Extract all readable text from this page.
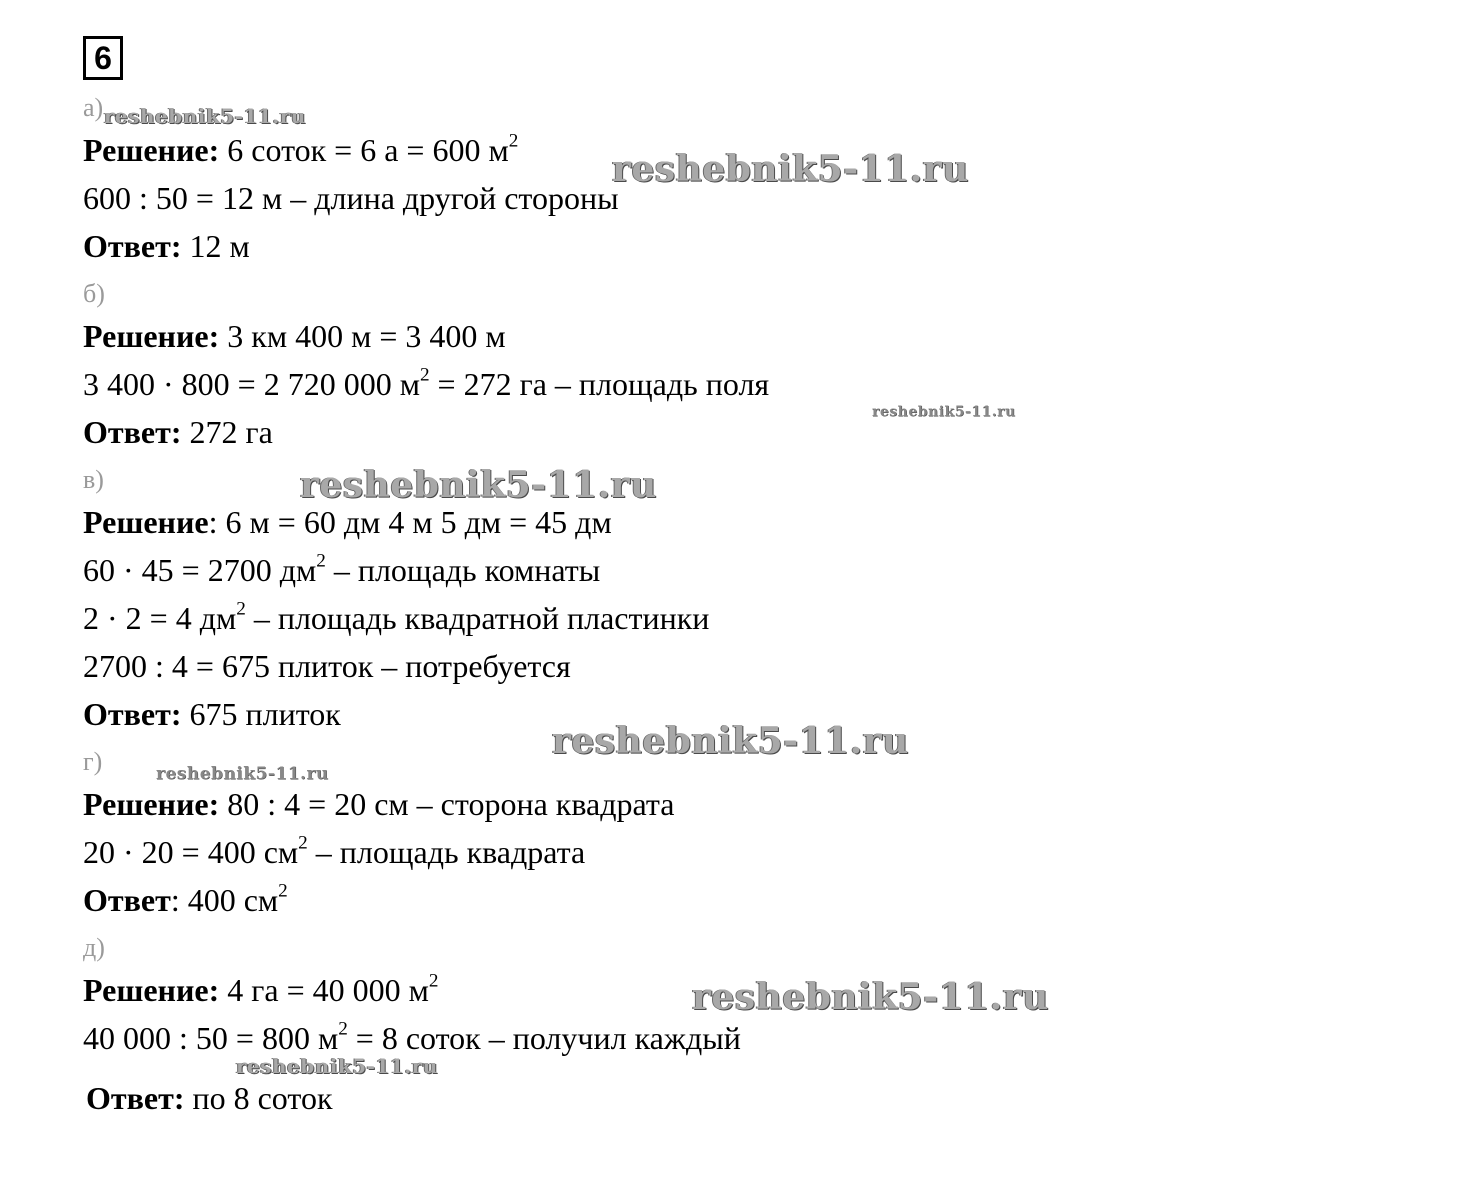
6
а)
Решение: 6 соток = 6 а = 600 $м^2$
600 : 50 = 12 м – длина другой стороны
Ответ: 12 м
б)
Решение: 3 км 400 м = 3 400 м
3 400 · 800 = 2 720 000 $м^2 = 272$ га – площадь поля
Ответ: 272 га
в)
Решение: 6 м = 60 дм 4 м 5 дм = 45 дм
60 · 45 = 2700 $дм^2$ – площадь комнаты
2 · 2 = 4 $дм^2$ – площадь квадратной пластинки
2700 : 4 = 675 плиток – потребуется
Ответ: 675 плиток
г)
Решение: 80 : 4 = 20 см – сторона квадрата
20 · 20 = 400 $см^2$ – площадь квадрата
Ответ: 400 $см^2$
д)
Решение: 4 га = 40 000 $м^2$
40 000 : 50 = 800 $м^2 = 8$ соток – получил каждый
Ответ: по 8 соток
reshebnik5-11.ru
reshebnik5-11.ru
reshebnik5-11.ru
reshebnik5-11.ru
reshebnik5-11.ru
reshebnik5-11.ru
reshebnik5-11.ru
reshebnik5-11.ru
